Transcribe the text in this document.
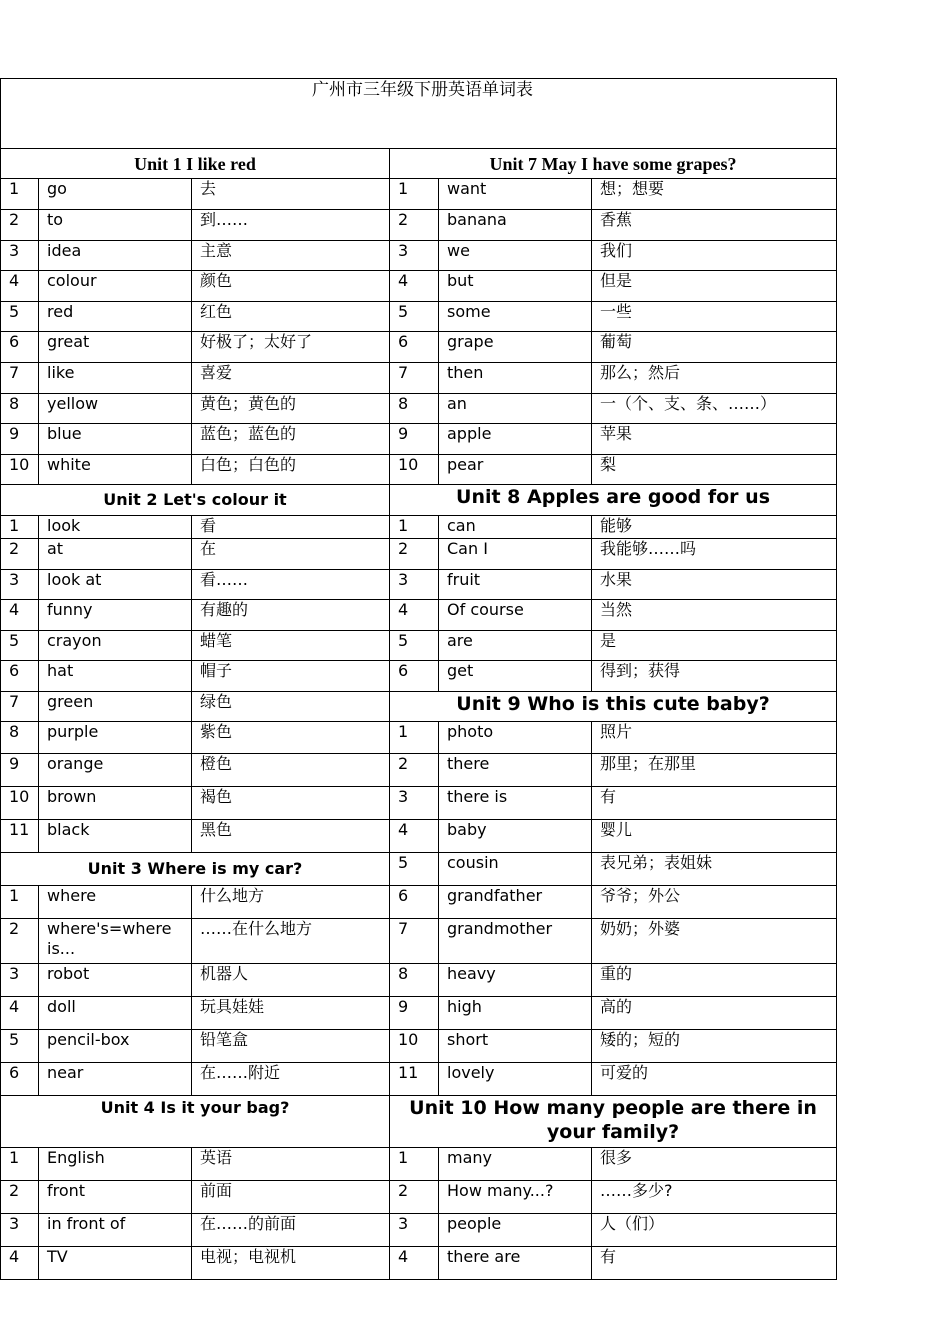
广州市三年级下册英语单词表					
Unit 1 I like red			Unit 7 May I have some grapes?		
1	go	去	1	want	想；想要
2	to	到……	2	banana	香蕉
3	idea	主意	3	we	我们
4	colour	颜色	4	but	但是
5	red	红色	5	some	一些
6	great	好极了；太好了	6	grape	葡萄
7	like	喜爱	7	then	那么；然后
8	yellow	黄色；黄色的	8	an	一（个、支、条、……）
9	blue	蓝色；蓝色的	9	apple	苹果
10	white	白色；白色的	10	pear	梨
Unit 2 Let's colour it			Unit 8 Apples are good for us		
1	look	看	1	can	能够
2	at	在	2	Can I	我能够……吗
3	look at	看……	3	fruit	水果
4	funny	有趣的	4	Of course	当然
5	crayon	蜡笔	5	are	是
6	hat	帽子	6	get	得到；获得
7	green	绿色	Unit 9 Who is this cute baby?		
8	purple	紫色	1	photo	照片
9	orange	橙色	2	there	那里；在那里
10	brown	褐色	3	there is	有
11	black	黑色	4	baby	婴儿
Unit 3 Where is my car?			5	cousin	表兄弟；表姐妹
1	where	什么地方	6	grandfather	爷爷；外公
2	where's=where is...	……在什么地方	7	grandmother	奶奶；外婆
3	robot	机器人	8	heavy	重的
4	doll	玩具娃娃	9	high	高的
5	pencil-box	铅笔盒	10	short	矮的；短的
6	near	在……附近	11	lovely	可爱的
Unit 4 Is it your bag?			Unit 10 How many people are there in your family?		
1	English	英语	1	many	很多
2	front	前面	2	How many...?	……多少?
3	in front of	在……的前面	3	people	人（们）
4	TV	电视；电视机	4	there are	有
